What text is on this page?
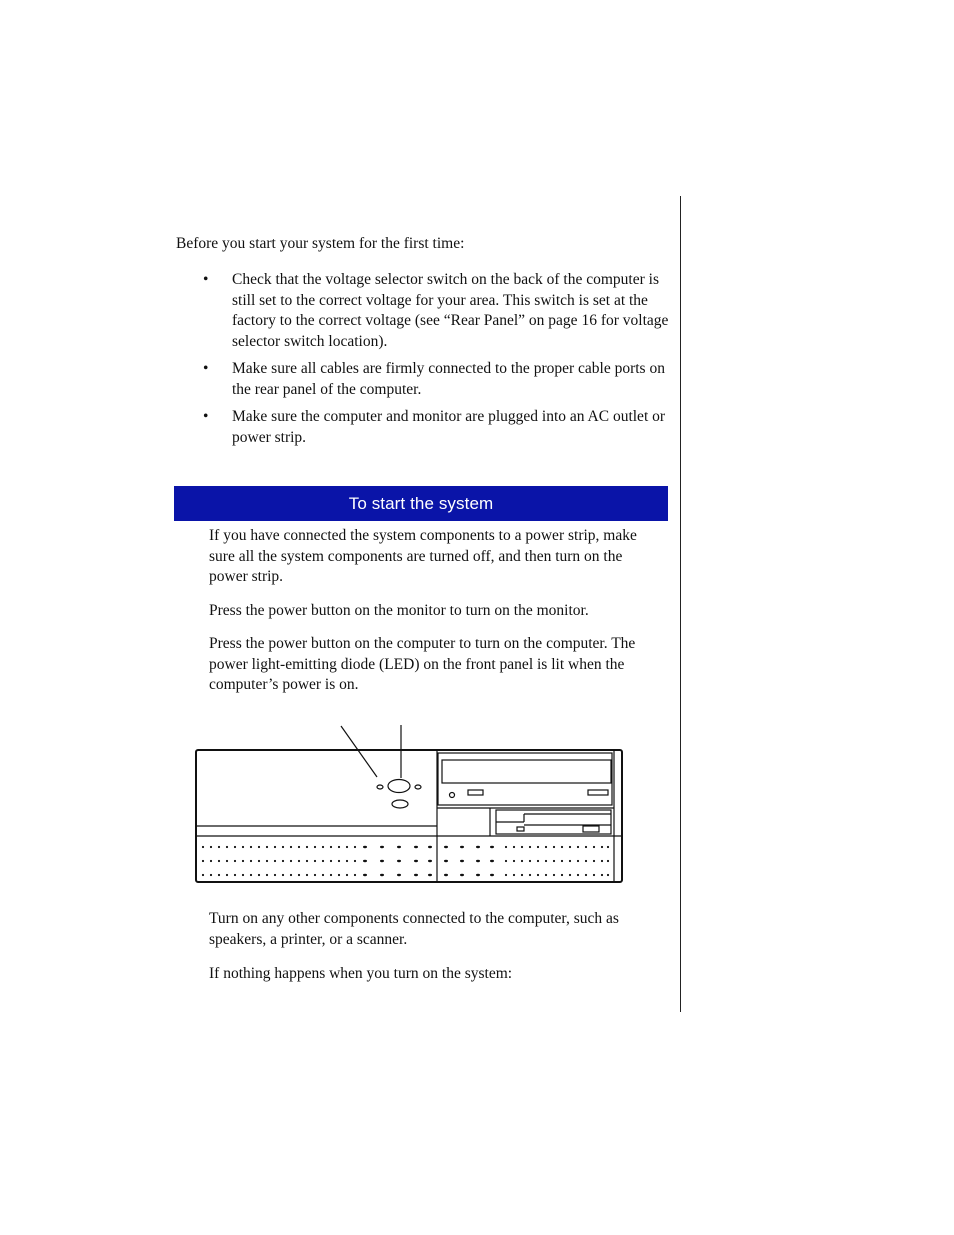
Before you start your system for the first time:

• Check that the voltage selector switch on the back of the computer is still set to the correct voltage for your area. This switch is set at the factory to the correct voltage (see “Rear Panel” on page 16 for voltage selector switch location).
• Make sure all cables are firmly connected to the proper cable ports on the rear panel of the computer.
• Make sure the computer and monitor are plugged into an AC outlet or power strip.
To start the system

If you have connected the system components to a power strip, make sure all the system components are turned off, and then turn on the power strip.

Press the power button on the monitor to turn on the monitor.

Press the power button on the computer to turn on the computer. The power light-emitting diode (LED) on the front panel is lit when the computer’s power is on.

Turn on any other components connected to the computer, such as speakers, a printer, or a scanner.

If nothing happens when you turn on the system:
